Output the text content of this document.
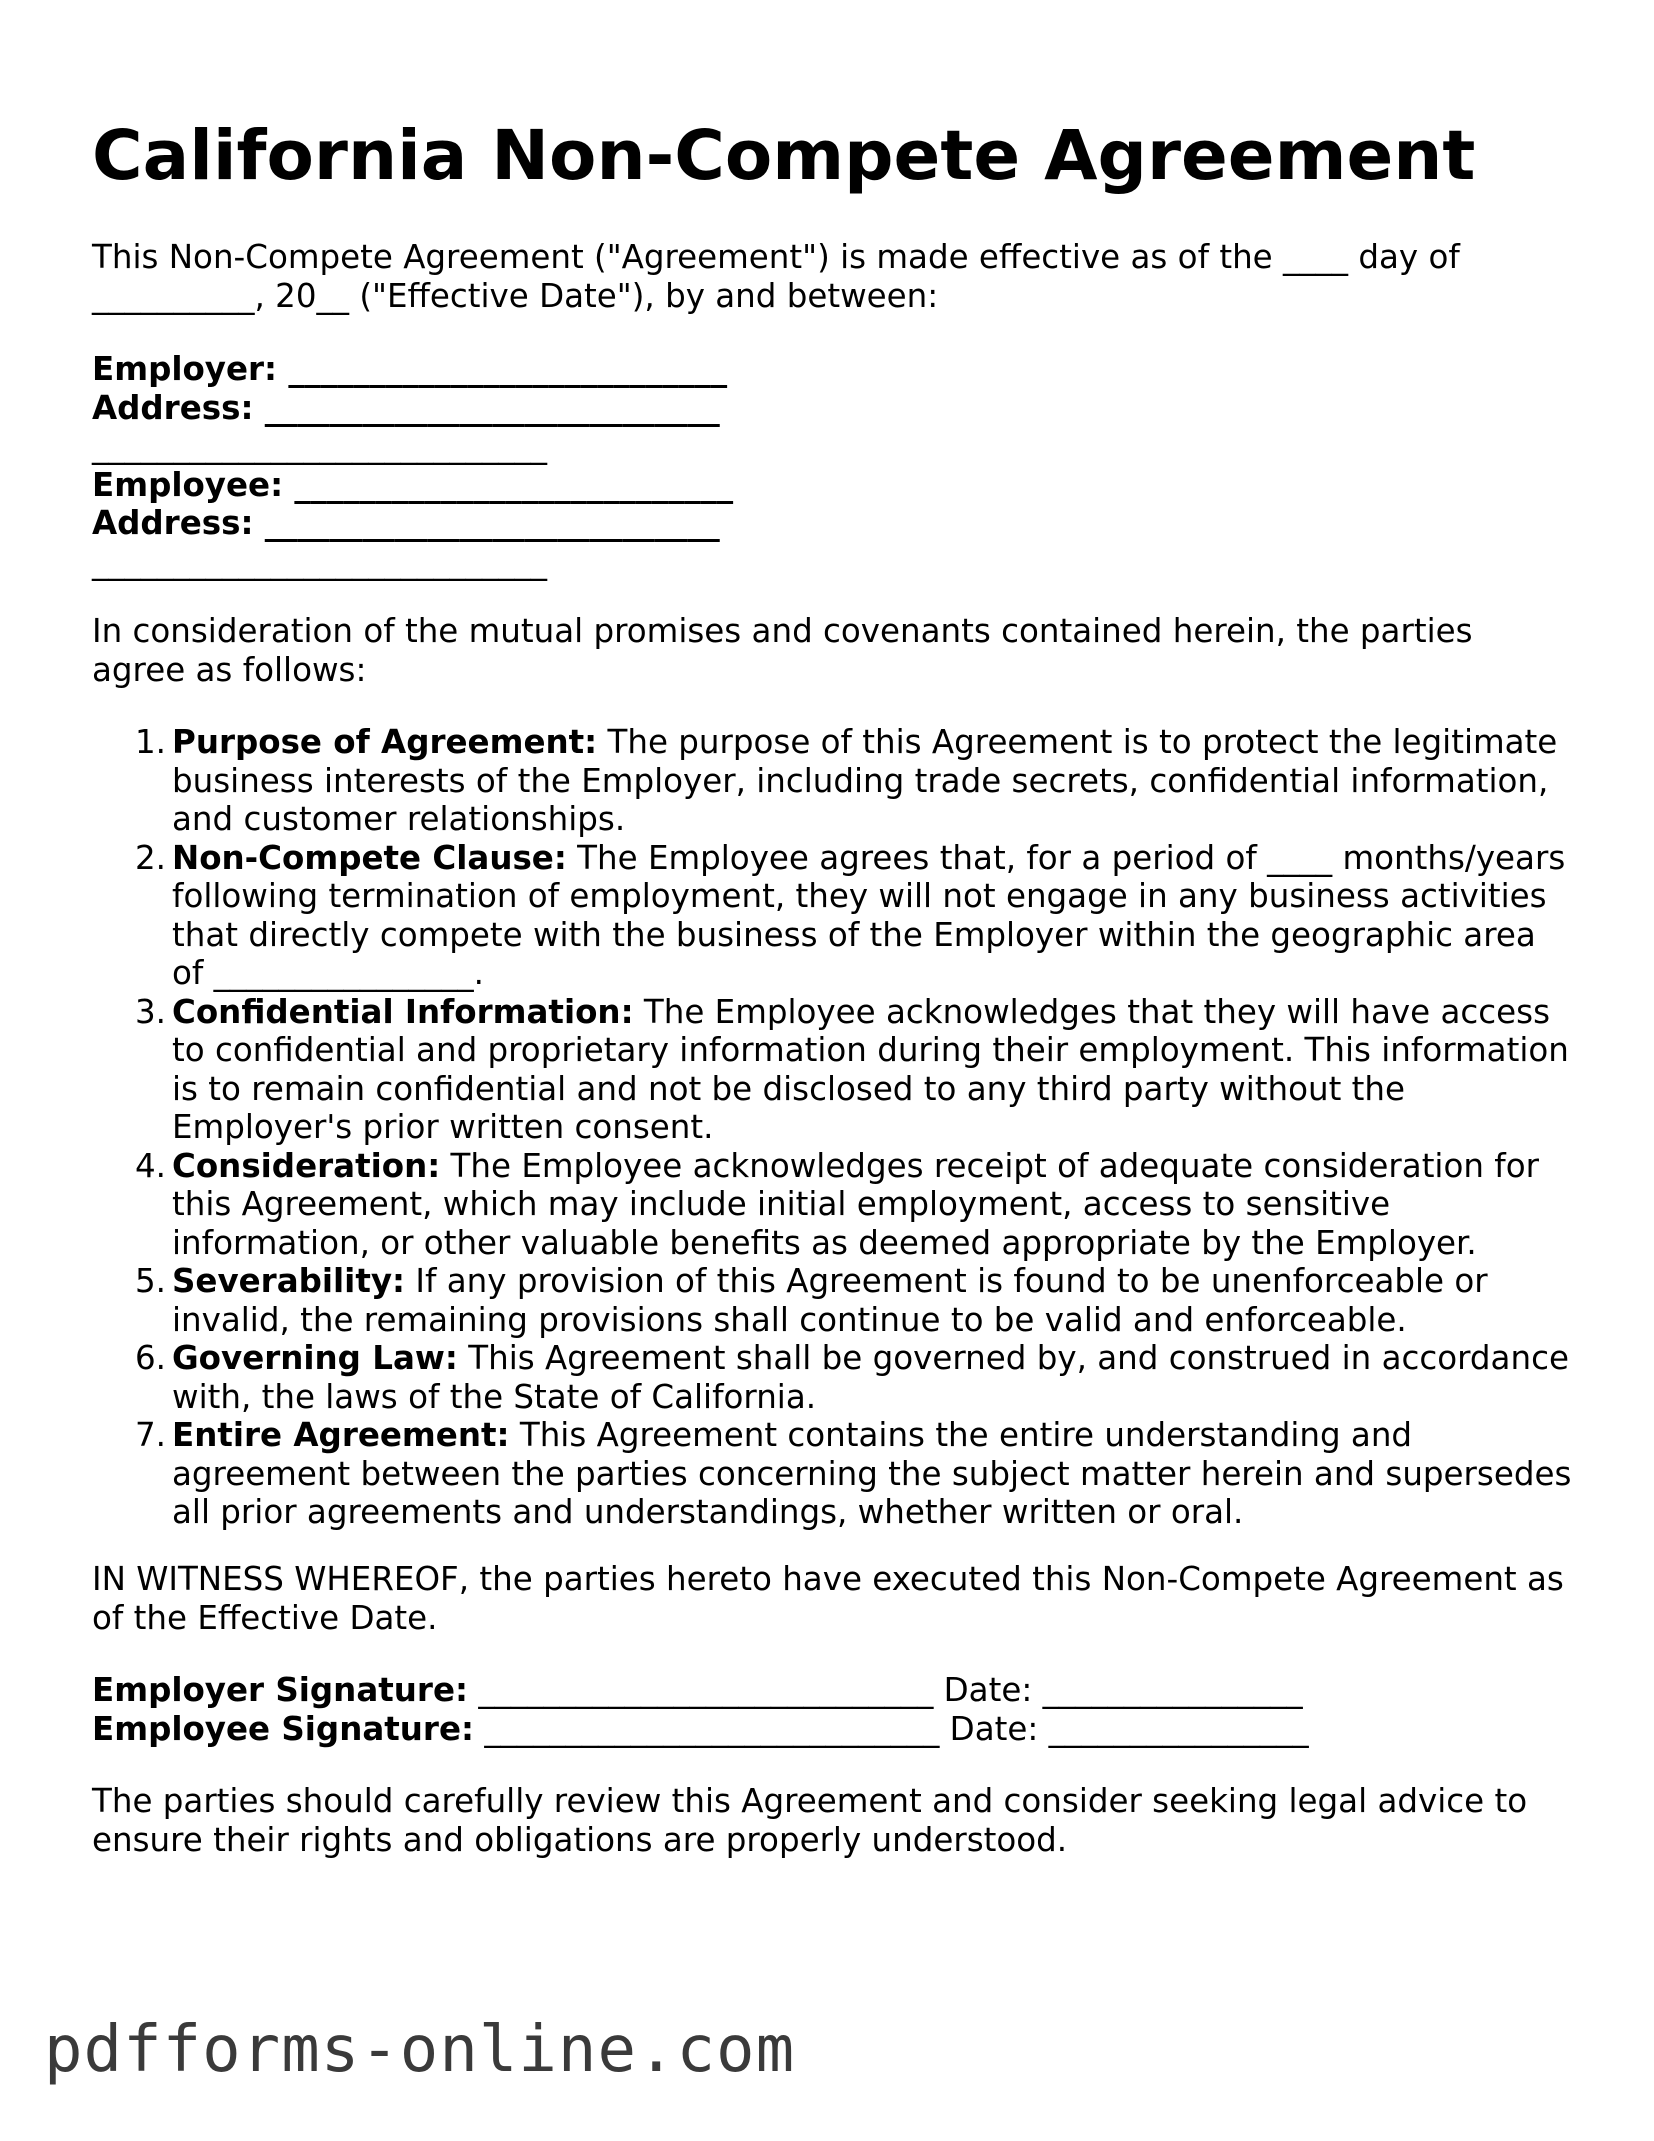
California Non-Compete Agreement

This Non-Compete Agreement ("Agreement") is made effective as of the ____ day of __________, 20__ ("Effective Date"), by and between:

Employer: ___________________________
Address: ____________________________
____________________________
Employee: ___________________________
Address: ____________________________
____________________________

In consideration of the mutual promises and covenants contained herein, the parties agree as follows:

1. Purpose of Agreement: The purpose of this Agreement is to protect the legitimate business interests of the Employer, including trade secrets, confidential information, and customer relationships.
2. Non-Compete Clause: The Employee agrees that, for a period of ____ months/years following termination of employment, they will not engage in any business activities that directly compete with the business of the Employer within the geographic area of ________________.
3. Confidential Information: The Employee acknowledges that they will have access to confidential and proprietary information during their employment. This information is to remain confidential and not be disclosed to any third party without the Employer's prior written consent.
4. Consideration: The Employee acknowledges receipt of adequate consideration for this Agreement, which may include initial employment, access to sensitive information, or other valuable benefits as deemed appropriate by the Employer.
5. Severability: If any provision of this Agreement is found to be unenforceable or invalid, the remaining provisions shall continue to be valid and enforceable.
6. Governing Law: This Agreement shall be governed by, and construed in accordance with, the laws of the State of California.
7. Entire Agreement: This Agreement contains the entire understanding and agreement between the parties concerning the subject matter herein and supersedes all prior agreements and understandings, whether written or oral.

IN WITNESS WHEREOF, the parties hereto have executed this Non-Compete Agreement as of the Effective Date.

Employer Signature: ____________________________ Date: ________________
Employee Signature: ____________________________ Date: ________________

The parties should carefully review this Agreement and consider seeking legal advice to ensure their rights and obligations are properly understood.

pdfforms-online.com
